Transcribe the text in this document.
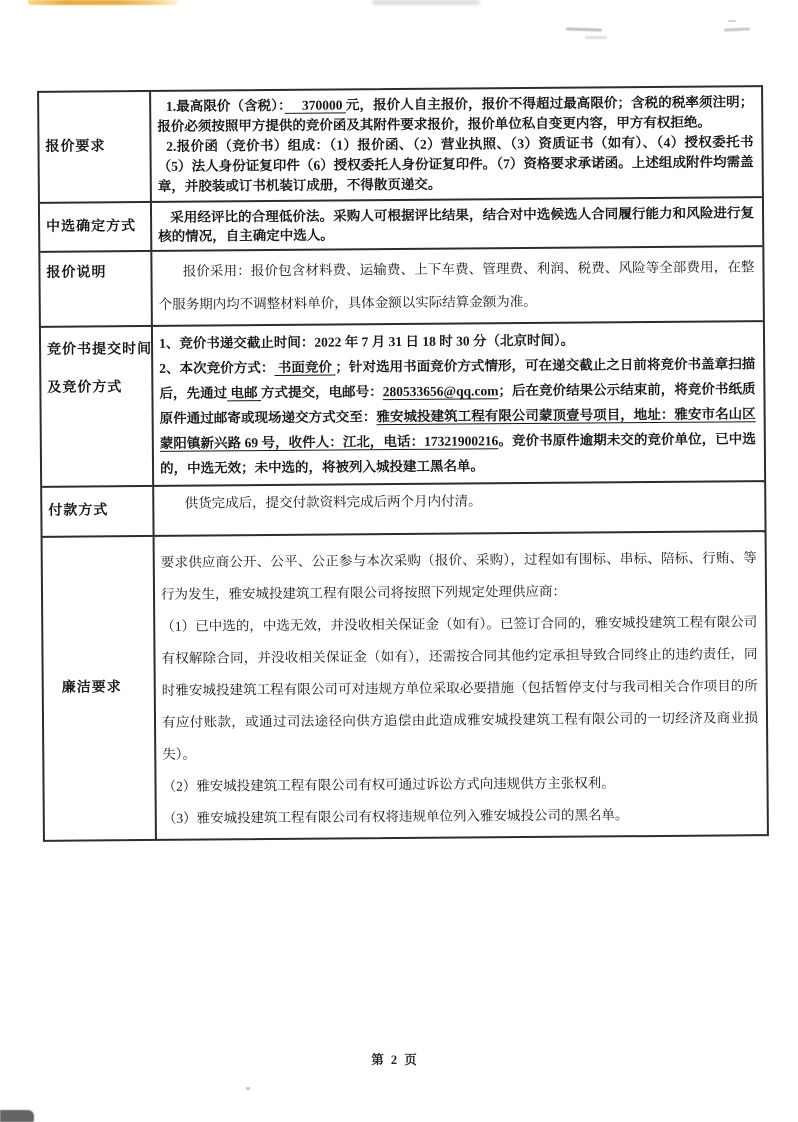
报价要求

1.最高限价（含税）：　 370000 元，报价人自主报价，报价不得超过最高限价；含税的税率须注明；报价必须按照甲方提供的竞价函及其附件要求报价，报价单位私自变更内容，甲方有权拒绝。

2.报价函（竞价书）组成：（1）报价函、（2）营业执照、（3）资质证书（如有）、（4）授权委托书（5）法人身份证复印件（6）授权委托人身份证复印件。（7）资格要求承诺函。上述组成附件均需盖章，并胶装或订书机装订成册，不得散页递交。

中选确定方式

采用经评比的合理低价法。采购人可根据评比结果，结合对中选候选人合同履行能力和风险进行复核的情况，自主确定中选人。

报价说明	报价采用：报价包含材料费、运输费、上下车费、管理费、利润、税费、风险等全部费用，在整个服务期内均不调整材料单价，具体金额以实际结算金额为准。

竞价书提交时间
及竞价方式

1、竞价书递交截止时间：2022 年 7 月 31 日 18 时 30 分（北京时间）。

2、本次竞价方式： 书面竞价 ；针对选用书面竞价方式情形，可在递交截止之日前将竞价书盖章扫描后，先通过 电邮 方式提交，电邮号：280533656@qq.com；后在竞价结果公示结束前，将竞价书纸质原件通过邮寄或现场递交方式交至：雅安城投建筑工程有限公司蒙顶壹号项目，地址：雅安市名山区蒙阳镇新兴路 69 号，收件人：江北，电话：17321900216。竞价书原件逾期未交的竞价单位，已中选的，中选无效；未中选的，将被列入城投建工黑名单。

付款方式

供货完成后，提交付款资料完成后两个月内付清。

廉洁要求

要求供应商公开、公平、公正参与本次采购（报价、采购），过程如有围标、串标、陪标、行贿、等行为发生，雅安城投建筑工程有限公司将按照下列规定处理供应商：

（1）已中选的，中选无效，并没收相关保证金（如有）。已签订合同的，雅安城投建筑工程有限公司有权解除合同，并没收相关保证金（如有），还需按合同其他约定承担导致合同终止的违约责任，同时雅安城投建筑工程有限公司可对违规方单位采取必要措施（包括暂停支付与我司相关合作项目的所有应付账款，或通过司法途径向供方追偿由此造成雅安城投建筑工程有限公司的一切经济及商业损失）。

（2）雅安城投建筑工程有限公司有权可通过诉讼方式向违规供方主张权利。

（3）雅安城投建筑工程有限公司有权将违规单位列入雅安城投公司的黑名单。

第 2 页
